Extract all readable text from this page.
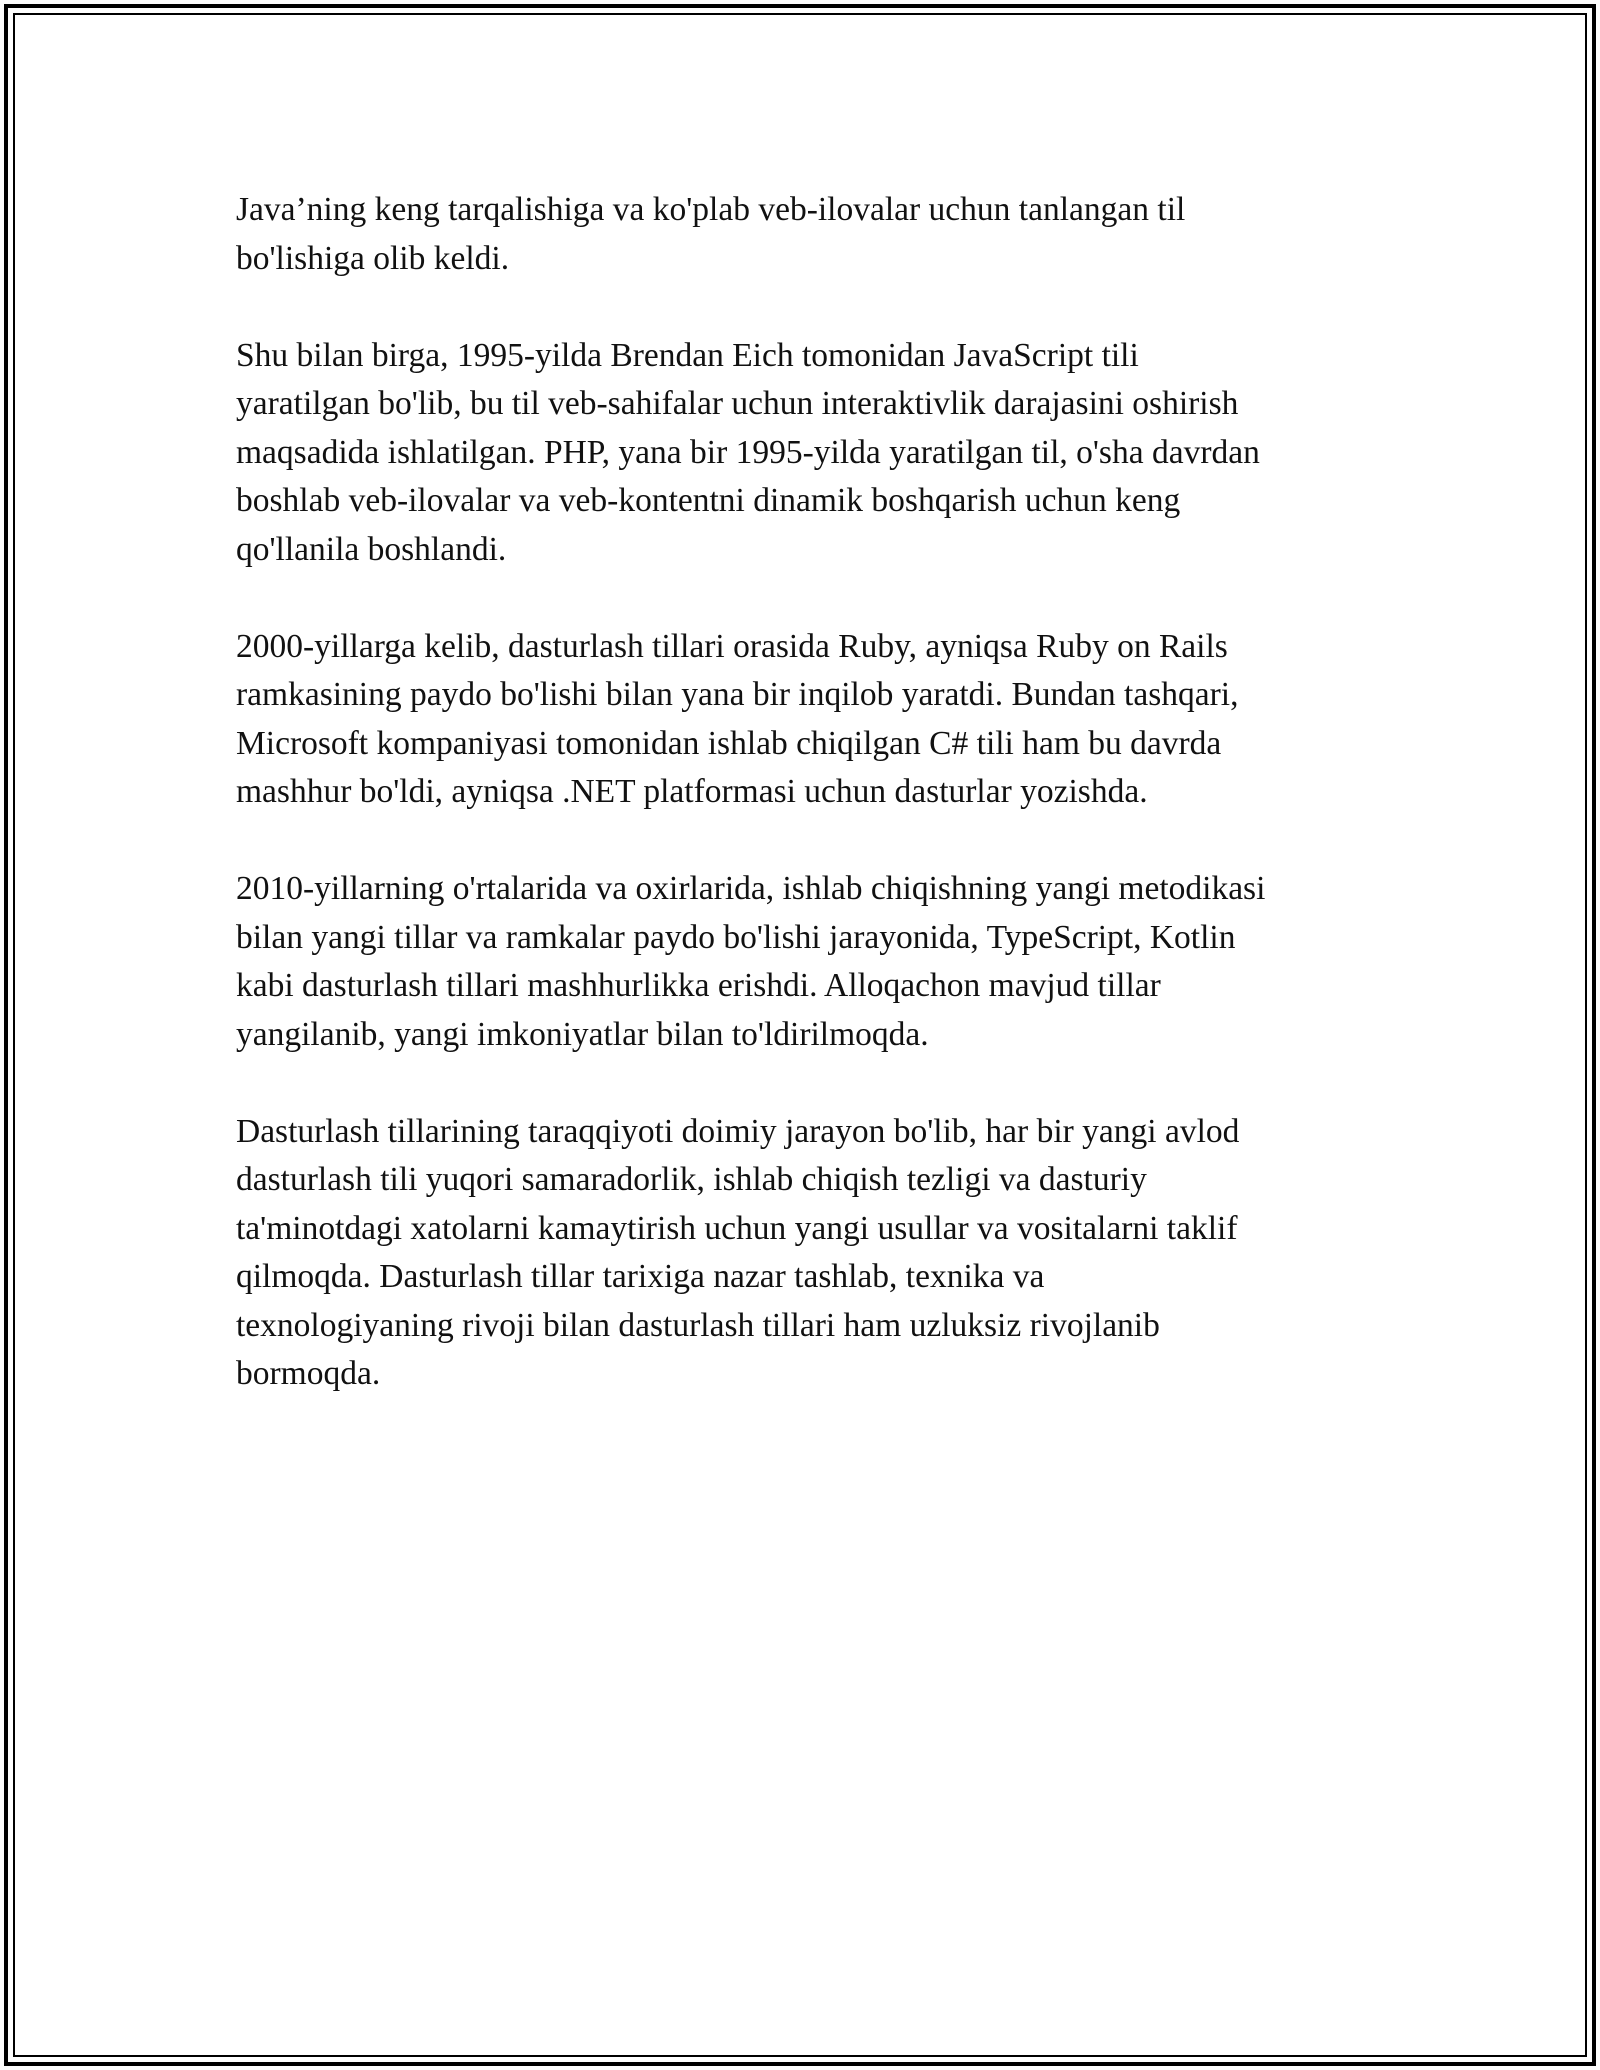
Java’ning keng tarqalishiga va ko'plab veb-ilovalar uchun tanlangan til
bo'lishiga olib keldi.

Shu bilan birga, 1995-yilda Brendan Eich tomonidan JavaScript tili
yaratilgan bo'lib, bu til veb-sahifalar uchun interaktivlik darajasini oshirish
maqsadida ishlatilgan. PHP, yana bir 1995-yilda yaratilgan til, o'sha davrdan
boshlab veb-ilovalar va veb-kontentni dinamik boshqarish uchun keng
qo'llanila boshlandi.

2000-yillarga kelib, dasturlash tillari orasida Ruby, ayniqsa Ruby on Rails
ramkasining paydo bo'lishi bilan yana bir inqilob yaratdi. Bundan tashqari,
Microsoft kompaniyasi tomonidan ishlab chiqilgan C# tili ham bu davrda
mashhur bo'ldi, ayniqsa .NET platformasi uchun dasturlar yozishda.

2010-yillarning o'rtalarida va oxirlarida, ishlab chiqishning yangi metodikasi
bilan yangi tillar va ramkalar paydo bo'lishi jarayonida, TypeScript, Kotlin
kabi dasturlash tillari mashhurlikka erishdi. Alloqachon mavjud tillar
yangilanib, yangi imkoniyatlar bilan to'ldirilmoqda.

Dasturlash tillarining taraqqiyoti doimiy jarayon bo'lib, har bir yangi avlod
dasturlash tili yuqori samaradorlik, ishlab chiqish tezligi va dasturiy
ta'minotdagi xatolarni kamaytirish uchun yangi usullar va vositalarni taklif
qilmoqda. Dasturlash tillar tarixiga nazar tashlab, texnika va
texnologiyaning rivoji bilan dasturlash tillari ham uzluksiz rivojlanib
bormoqda.
